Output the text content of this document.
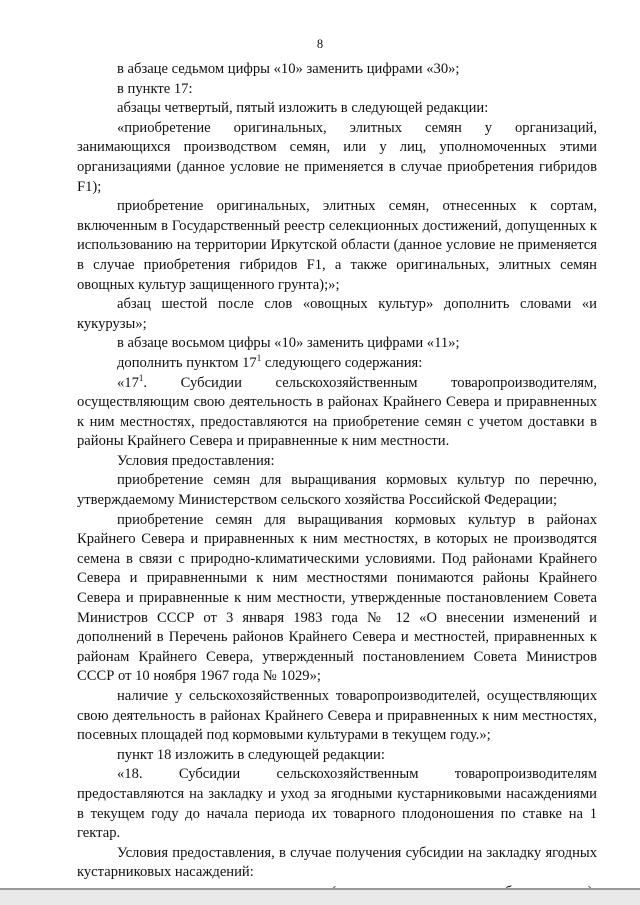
8

в абзаце седьмом цифры «10» заменить цифрами «30»;

в пункте 17:

абзацы четвертый, пятый изложить в следующей редакции:

«приобретение оригинальных, элитных семян у организаций, занимающихся производством семян, или у лиц, уполномоченных этими организациями (данное условие не применяется в случае приобретения гибридов F1);

приобретение оригинальных, элитных семян, отнесенных к сортам, включенным в Государственный реестр селекционных достижений, допущенных к использованию на территории Иркутской области (данное условие не применяется в случае приобретения гибридов F1, а также оригинальных, элитных семян овощных культур защищенного грунта);»;

абзац шестой после слов «овощных культур» дополнить словами «и кукурузы»;

в абзаце восьмом цифры «10» заменить цифрами «11»;

дополнить пунктом $17^1$ следующего содержания:

«$17^1$. Субсидии сельскохозяйственным товаропроизводителям, осуществляющим свою деятельность в районах Крайнего Севера и приравненных к ним местностях, предоставляются на приобретение семян с учетом доставки в районы Крайнего Севера и приравненные к ним местности.

Условия предоставления:

приобретение семян для выращивания кормовых культур по перечню, утверждаемому Министерством сельского хозяйства Российской Федерации;

приобретение семян для выращивания кормовых культур в районах Крайнего Севера и приравненных к ним местностях, в которых не производятся семена в связи с природно-климатическими условиями. Под районами Крайнего Севера и приравненными к ним местностями понимаются районы Крайнего Севера и приравненные к ним местности, утвержденные постановлением Совета Министров СССР от 3 января 1983 года № 12 «О внесении изменений и дополнений в Перечень районов Крайнего Севера и местностей, приравненных к районам Крайнего Севера, утвержденный постановлением Совета Министров СССР от 10 ноября 1967 года № 1029»;

наличие у сельскохозяйственных товаропроизводителей, осуществляющих свою деятельность в районах Крайнего Севера и приравненных к ним местностях, посевных площадей под кормовыми культурами в текущем году.»;

пункт 18 изложить в следующей редакции:

«18. Субсидии сельскохозяйственным товаропроизводителям предоставляются на закладку и уход за ягодными кустарниковыми насаждениями в текущем году до начала периода их товарного плодоношения по ставке на 1 гектар.

Условия предоставления, в случае получения субсидии на закладку ягодных кустарниковых насаждений:
